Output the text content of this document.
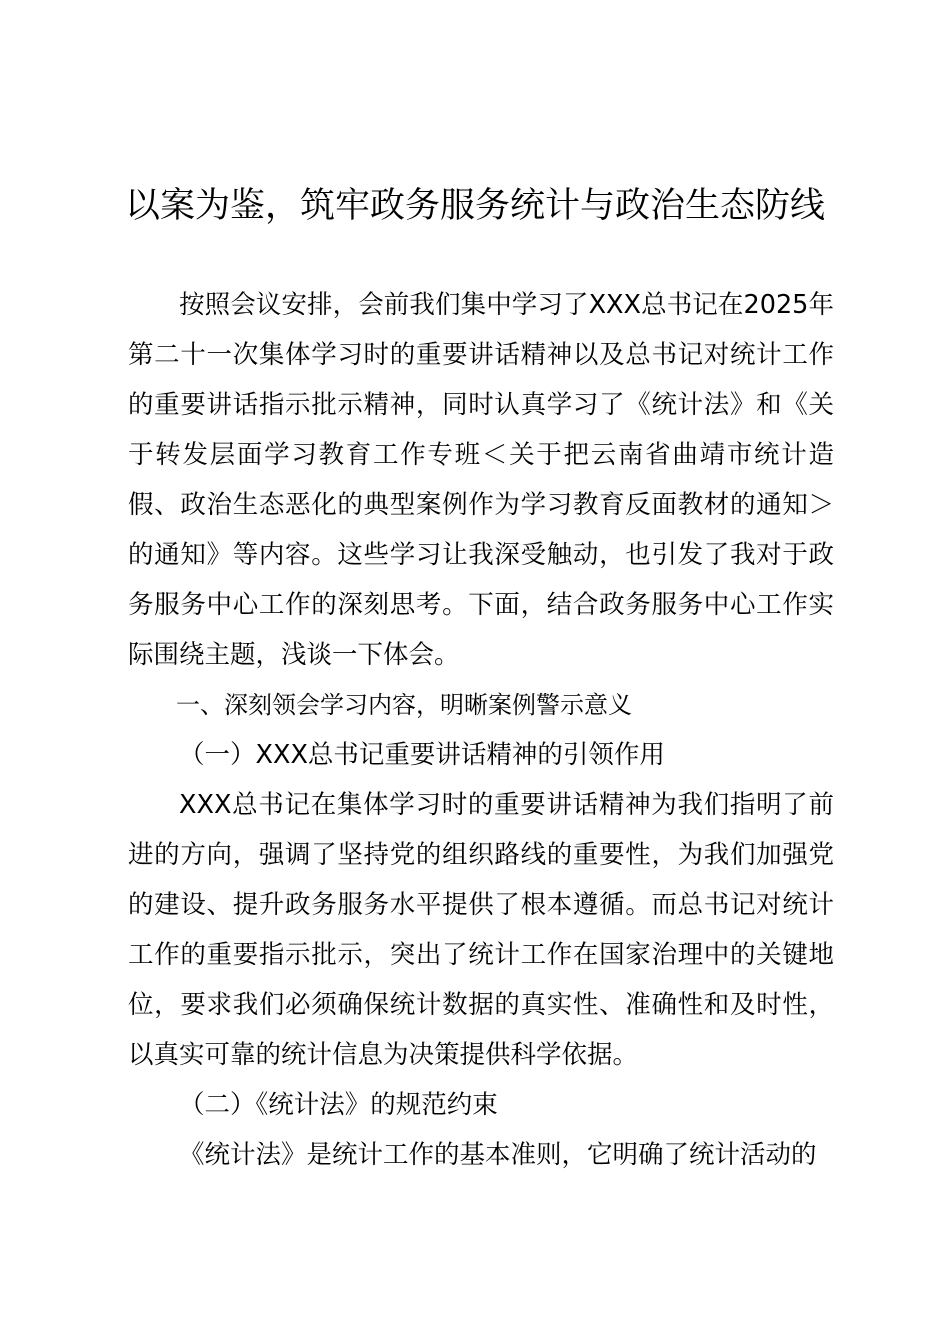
以案为鉴，筑牢政务服务统计与政治生态防线

按照会议安排，会前我们集中学习了XXX总书记在2025年第二十一次集体学习时的重要讲话精神以及总书记对统计工作的重要讲话指示批示精神，同时认真学习了《统计法》和《关于转发层面学习教育工作专班＜关于把云南省曲靖市统计造假、政治生态恶化的典型案例作为学习教育反面教材的通知＞的通知》等内容。这些学习让我深受触动，也引发了我对于政务服务中心工作的深刻思考。下面，结合政务服务中心工作实际围绕主题，浅谈一下体会。

一、深刻领会学习内容，明晰案例警示意义

（一）XXX总书记重要讲话精神的引领作用

XXX总书记在集体学习时的重要讲话精神为我们指明了前进的方向，强调了坚持党的组织路线的重要性，为我们加强党的建设、提升政务服务水平提供了根本遵循。而总书记对统计工作的重要指示批示，突出了统计工作在国家治理中的关键地位，要求我们必须确保统计数据的真实性、准确性和及时性，以真实可靠的统计信息为决策提供科学依据。

（二）《统计法》的规范约束

《统计法》是统计工作的基本准则，它明确了统计活动的
